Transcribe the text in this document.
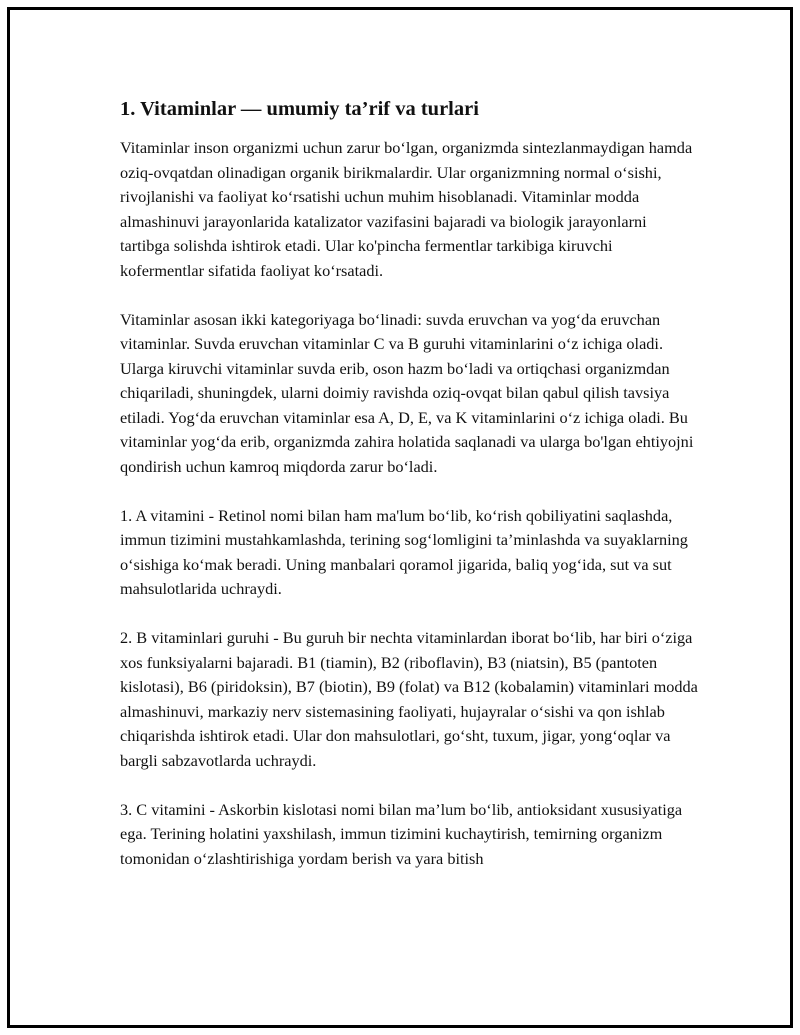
1. Vitaminlar — umumiy ta’rif va turlari

Vitaminlar inson organizmi uchun zarur bo‘lgan, organizmda sintezlanmaydigan hamda oziq-ovqatdan olinadigan organik birikmalardir. Ular organizmning normal o‘sishi, rivojlanishi va faoliyat ko‘rsatishi uchun muhim hisoblanadi. Vitaminlar modda almashinuvi jarayonlarida katalizator vazifasini bajaradi va biologik jarayonlarni tartibga solishda ishtirok etadi. Ular ko'pincha fermentlar tarkibiga kiruvchi kofermentlar sifatida faoliyat ko‘rsatadi.

Vitaminlar asosan ikki kategoriyaga bo‘linadi: suvda eruvchan va yog‘da eruvchan vitaminlar. Suvda eruvchan vitaminlar C va B guruhi vitaminlarini o‘z ichiga oladi. Ularga kiruvchi vitaminlar suvda erib, oson hazm bo‘ladi va ortiqchasi organizmdan chiqariladi, shuningdek, ularni doimiy ravishda oziq-ovqat bilan qabul qilish tavsiya etiladi. Yog‘da eruvchan vitaminlar esa A, D, E, va K vitaminlarini o‘z ichiga oladi. Bu vitaminlar yog‘da erib, organizmda zahira holatida saqlanadi va ularga bo'lgan ehtiyojni qondirish uchun kamroq miqdorda zarur bo‘ladi.

1. A vitamini - Retinol nomi bilan ham ma'lum bo‘lib, ko‘rish qobiliyatini saqlashda, immun tizimini mustahkamlashda, terining sog‘lomligini ta’minlashda va suyaklarning o‘sishiga ko‘mak beradi. Uning manbalari qoramol jigarida, baliq yog‘ida, sut va sut mahsulotlarida uchraydi.

2. B vitaminlari guruhi - Bu guruh bir nechta vitaminlardan iborat bo‘lib, har biri o‘ziga xos funksiyalarni bajaradi. B1 (tiamin), B2 (riboflavin), B3 (niatsin), B5 (pantoten kislotasi), B6 (piridoksin), B7 (biotin), B9 (folat) va B12 (kobalamin) vitaminlari modda almashinuvi, markaziy nerv sistemasining faoliyati, hujayralar o‘sishi va qon ishlab chiqarishda ishtirok etadi. Ular don mahsulotlari, go‘sht, tuxum, jigar, yong‘oqlar va bargli sabzavotlarda uchraydi.

3. C vitamini - Askorbin kislotasi nomi bilan ma’lum bo‘lib, antioksidant xususiyatiga ega. Terining holatini yaxshilash, immun tizimini kuchaytirish, temirning organizm tomonidan o‘zlashtirishiga yordam berish va yara bitish
